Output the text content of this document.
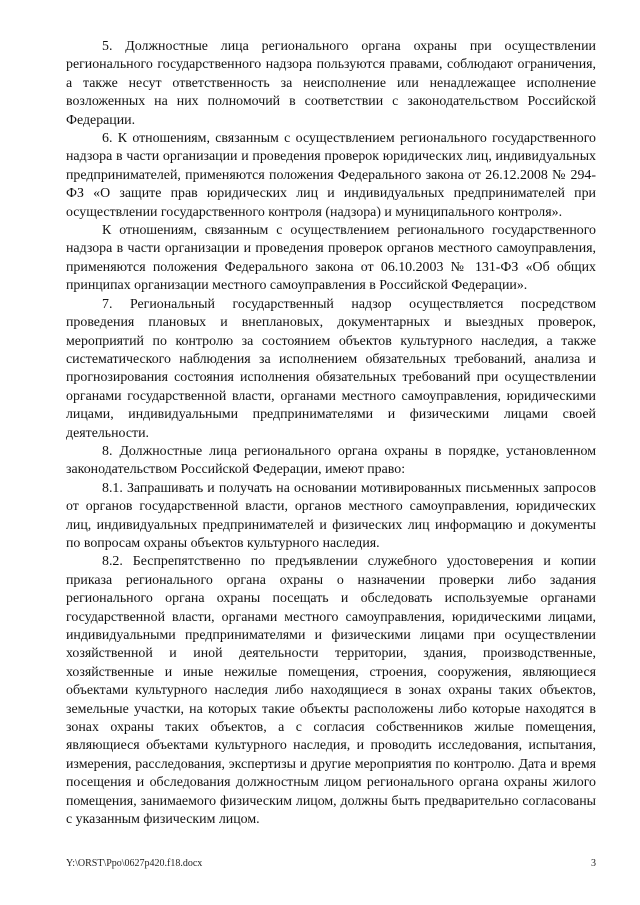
5. Должностные лица регионального органа охраны при осуществлении регионального государственного надзора пользуются правами, соблюдают ограничения, а также несут ответственность за неисполнение или ненадлежащее исполнение возложенных на них полномочий в соответствии с законодательством Российской Федерации.

6. К отношениям, связанным с осуществлением регионального государственного надзора в части организации и проведения проверок юридических лиц, индивидуальных предпринимателей, применяются положения Федерального закона от 26.12.2008 № 294-ФЗ «О защите прав юридических лиц и индивидуальных предпринимателей при осуществлении государственного контроля (надзора) и муниципального контроля».

К отношениям, связанным с осуществлением регионального государственного надзора в части организации и проведения проверок органов местного самоуправления, применяются положения Федерального закона от 06.10.2003 № 131-ФЗ «Об общих принципах организации местного самоуправления в Российской Федерации».

7. Региональный государственный надзор осуществляется посредством проведения плановых и внеплановых, документарных и выездных проверок, мероприятий по контролю за состоянием объектов культурного наследия, а также систематического наблюдения за исполнением обязательных требований, анализа и прогнозирования состояния исполнения обязательных требований при осуществлении органами государственной власти, органами местного самоуправления, юридическими лицами, индивидуальными предпринимателями и физическими лицами своей деятельности.

8. Должностные лица регионального органа охраны в порядке, установленном законодательством Российской Федерации, имеют право:

8.1. Запрашивать и получать на основании мотивированных письменных запросов от органов государственной власти, органов местного самоуправления, юридических лиц, индивидуальных предпринимателей и физических лиц информацию и документы по вопросам охраны объектов культурного наследия.

8.2. Беспрепятственно по предъявлении служебного удостоверения и копии приказа регионального органа охраны о назначении проверки либо задания регионального органа охраны посещать и обследовать используемые органами государственной власти, органами местного самоуправления, юридическими лицами, индивидуальными предпринимателями и физическими лицами при осуществлении хозяйственной и иной деятельности территории, здания, производственные, хозяйственные и иные нежилые помещения, строения, сооружения, являющиеся объектами культурного наследия либо находящиеся в зонах охраны таких объектов, земельные участки, на которых такие объекты расположены либо которые находятся в зонах охраны таких объектов, а с согласия собственников жилые помещения, являющиеся объектами культурного наследия, и проводить исследования, испытания, измерения, расследования, экспертизы и другие мероприятия по контролю. Дата и время посещения и обследования должностным лицом регионального органа охраны жилого помещения, занимаемого физическим лицом, должны быть предварительно согласованы с указанным физическим лицом.

Y:\ORST\Ppo\0627p420.f18.docx	3
